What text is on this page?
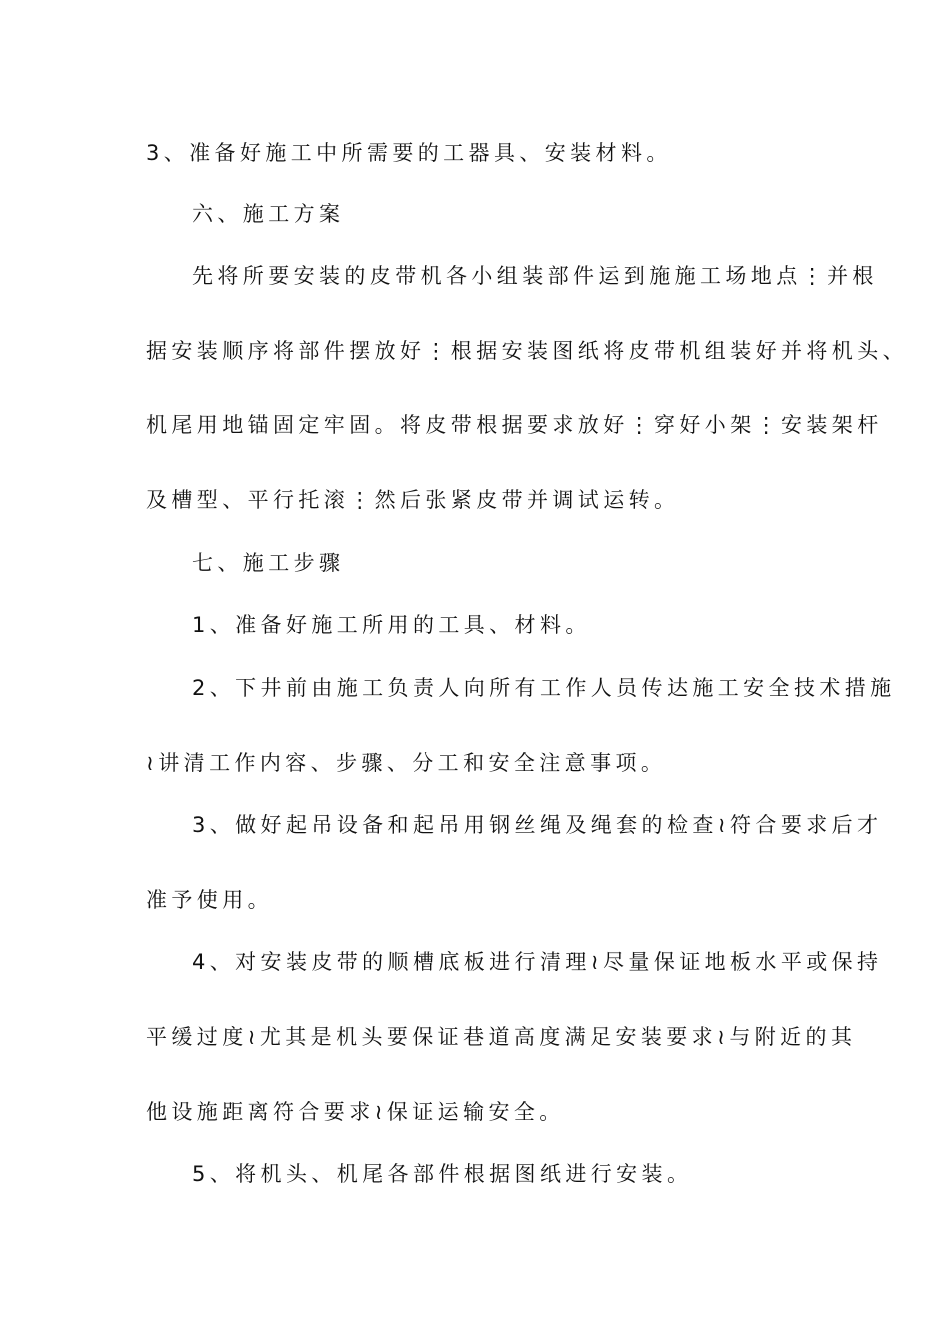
3、准备好施工中所需要的工器具、安装材料。
六、施工方案
先将所要安装的皮带机各小组装部件运到施施工场地点⋮并根
据安装顺序将部件摆放好⋮根据安装图纸将皮带机组装好并将机头、
机尾用地锚固定牢固。将皮带根据要求放好⋮穿好小架⋮安装架杆
及槽型、平行托滚⋮然后张紧皮带并调试运转。
七、施工步骤
1、准备好施工所用的工具、材料。
2、下井前由施工负责人向所有工作人员传达施工安全技术措施
≀讲清工作内容、步骤、分工和安全注意事项。
3、做好起吊设备和起吊用钢丝绳及绳套的检查≀符合要求后才
准予使用。
4、对安装皮带的顺槽底板进行清理≀尽量保证地板水平或保持
平缓过度≀尤其是机头要保证巷道高度满足安装要求≀与附近的其
他设施距离符合要求≀保证运输安全。
5、将机头、机尾各部件根据图纸进行安装。
